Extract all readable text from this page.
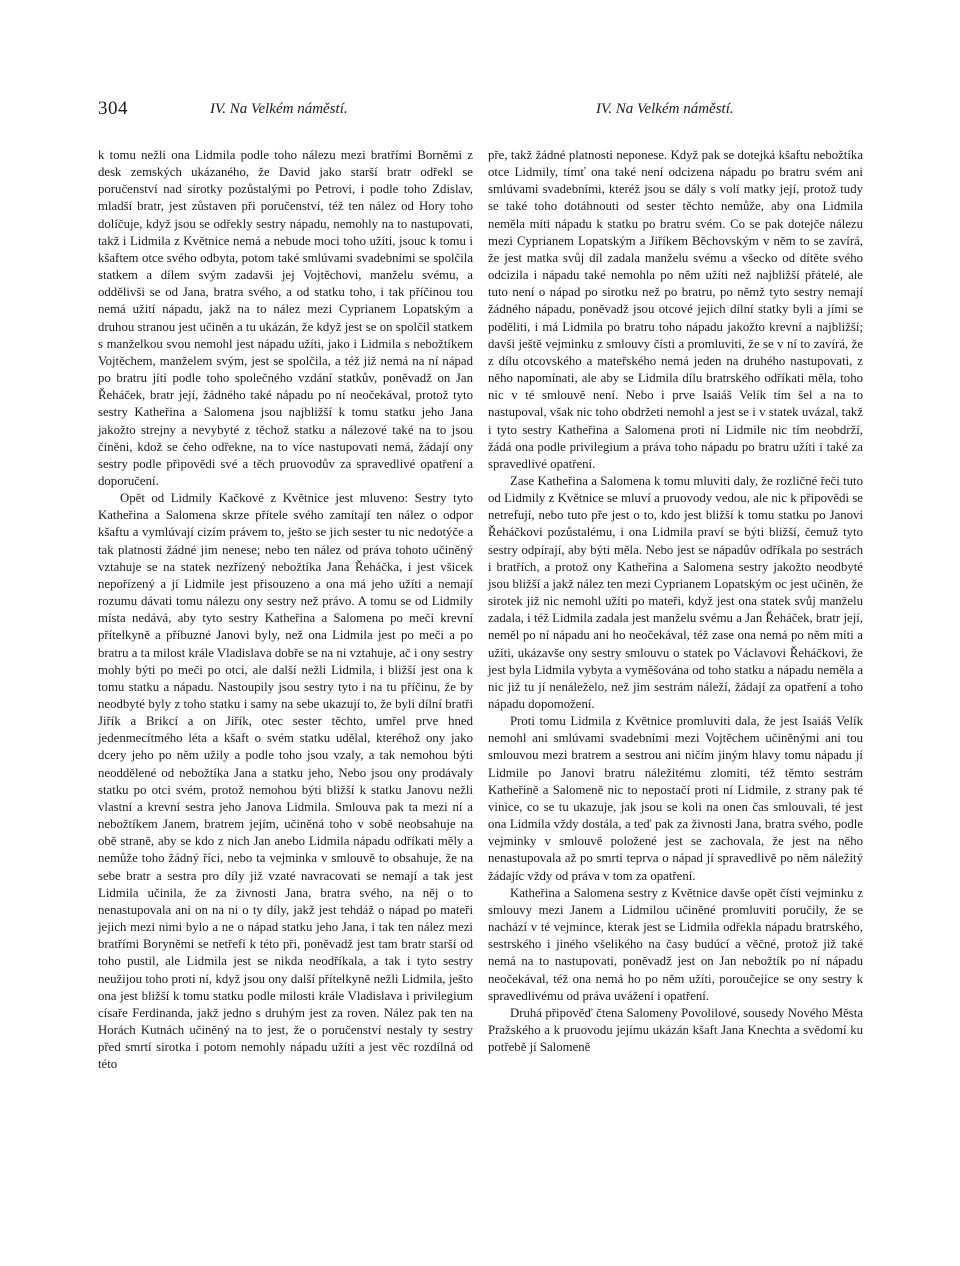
304	IV. Na Velkém náměstí.	IV. Na Velkém náměstí.

k tomu nežli ona Lidmila podle toho nálezu mezi bratřími Borněmi z desk zemských ukázaného, že David jako starší bratr odřekl se poručenství nad sirotky pozůstalými po Petrovi, i podle toho Zdislav, mladší bratr, jest zůstaven při poručenství, též ten nález od Hory toho dolíčuje, když jsou se odřekly sestry nápadu, nemohly na to nastupovati, takž i Lidmila z Květnice nemá a nebude moci toho užíti, jsouc k tomu i kšaftem otce svého odbyta, potom také smlúvami svadebními se spolčila statkem a dílem svým zadavši jej Vojtěchovi, manželu svému, a oddělivši se od Jana, bratra svého, a od statku toho, i tak příčinou tou nemá užití nápadu, jakž na to nález mezi Cyprianem Lopatským a druhou stranou jest učiněn a tu ukázán, že když jest se on spolčil statkem s manželkou svou nemohl jest nápadu užíti, jako i Lidmila s nebožtíkem Vojtěchem, manželem svým, jest se spolčila, a též již nemá na ní nápad po bratru jíti podle toho společného vzdání statkův, poněvadž on Jan Řeháček, bratr její, žádného také nápadu po ní neočekával, protož tyto sestry Katheřina a Salomena jsou najbližší k tomu statku jeho Jana jakožto strejny a nevybyté z těchož statku a nálezové také na to jsou činěni, kdož se čeho odřekne, na to více nastupovati nemá, žádají ony sestry podle připovědi své a těch pruovodův za spravedlivé opatření a doporučení.

Opět od Lidmily Kačkové z Květnice jest mluveno: Sestry tyto Katheřina a Salomena skrze přítele svého zamítají ten nález o odpor kšaftu a vymlúvají cizím právem to, ješto se jich sester tu nic nedotýče a tak platnosti žádné jim nenese; nebo ten nález od práva tohoto učiněný vztahuje se na statek nezřízený nebožtíka Jana Řeháčka, i jest všicek nepořízený a jí Lidmile jest přisouzeno a ona má jeho užíti a nemají rozumu dávati tomu nálezu ony sestry než právo. A tomu se od Lidmily místa nedává, aby tyto sestry Katheřina a Salomena po meči krevní přítelkyně a příbuzné Janovi byly, než ona Lidmila jest po meči a po bratru a ta milost krále Vladislava dobře se na ni vztahuje, ač i ony sestry mohly býti po meči po otci, ale další nežli Lidmila, i bližší jest ona k tomu statku a nápadu. Nastoupily jsou sestry tyto i na tu příčinu, že by neodbyté byly z toho statku i samy na sebe ukazují to, že byli dílní bratři Jiřík a Brikcí a on Jiřík, otec sester těchto, umřel prve hned jedenmecítmého léta a kšaft o svém statku udělal, kteréhož ony jako dcery jeho po něm užily a podle toho jsou vzaly, a tak nemohou býti neoddělené od nebožtíka Jana a statku jeho, Nebo jsou ony prodávaly statku po otci svém, protož nemohou býti bližší k statku Janovu nežli vlastní a krevní sestra jeho Janova Lidmila. Smlouva pak ta mezi ní a nebožtíkem Janem, bratrem jejím, učiněná toho v sobě neobsahuje na obě straně, aby se kdo z nich Jan anebo Lidmila nápadu odříkati měly a nemůže toho žádný říci, nebo ta vejminka v smlouvě to obsahuje, že na sebe bratr a sestra pro díly již vzaté navracovati se nemají a tak jest Lidmila učinila, že za živnosti Jana, bratra svého, na něj o to nenastupovala ani on na ni o ty díly, jakž jest tehdáž o nápad po mateři jejich mezi nimi bylo a ne o nápad statku jeho Jana, i tak ten nález mezi bratřími Boryněmi se netřefí k této při, poněvadž jest tam bratr starší od toho pustil, ale Lidmila jest se nikda neodříkala, a tak i tyto sestry neužijou toho proti ní, když jsou ony další přítelkyně nežli Lidmila, ješto ona jest bližší k tomu statku podle milosti krále Vladislava i privilegium císaře Ferdinanda, jakž jedno s druhým jest za roven. Nález pak ten na Horách Kutnách učiněný na to jest, že o poručenství nestaly ty sestry před smrtí sirotka i potom nemohly nápadu užíti a jest věc rozdílná od této

pře, takž žádné platnosti neponese. Když pak se dotejká kšaftu nebožtíka otce Lidmily, tímť ona také není odcizena nápadu po bratru svém ani smlúvami svadebními, kteréž jsou se dály s volí matky její, protož tudy se také toho dotáhnouti od sester těchto nemůže, aby ona Lidmila neměla míti nápadu k statku po bratru svém. Co se pak dotejče nálezu mezi Cyprianem Lopatským a Jiříkem Běchovským v něm to se zavírá, že jest matka svůj díl zadala manželu svému a všecko od dítěte svého odcizila i nápadu také nemohla po něm užíti než najbližší přátelé, ale tuto není o nápad po sirotku než po bratru, po němž tyto sestry nemají žádného nápadu, poněvadž jsou otcové jejich dílní statky byli a jími se poděliti, i má Lidmila po bratru toho nápadu jakožto krevní a najbližší; davši ještě vejminku z smlouvy čísti a promluviti, že se v ní to zavírá, že z dílu otcovského a mateřského nemá jeden na druhého nastupovati, z něho napomínati, ale aby se Lidmila dílu bratrského odříkati měla, toho nic v té smlouvě není. Nebo i prve Isaiáš Velík tím šel a na to nastupoval, však nic toho obdržeti nemohl a jest se i v statek uvázal, takž i tyto sestry Katheřina a Salomena proti ní Lidmile nic tím neobdrží, žádá ona podle privilegium a práva toho nápadu po bratru užíti i také za spravedlivé opatření.

Zase Katheřina a Salomena k tomu mluviti daly, že rozličné řeči tuto od Lidmily z Květnice se mluví a pruovody vedou, ale nic k připovědi se netrefují, nebo tuto pře jest o to, kdo jest bližší k tomu statku po Janovi Řeháčkovi pozůstalému, i ona Lidmila praví se býti bližší, čemuž tyto sestry odpírají, aby býti měla. Nebo jest se nápadův odříkala po sestrách i bratřích, a protož ony Katheřina a Salomena sestry jakožto neodbyté jsou bližší a jakž nález ten mezi Cyprianem Lopatským oc jest učiněn, že sirotek již nic nemohl užíti po mateři, když jest ona statek svůj manželu zadala, i též Lidmila zadala jest manželu svému a Jan Řeháček, bratr její, neměl po ní nápadu ani ho neočekával, též zase ona nemá po něm míti a užíti, ukázavše ony sestry smlouvu o statek po Václavovi Řeháčkovi, že jest byla Lidmila vybyta a vyměšována od toho statku a nápadu neměla a nic již tu jí nenáleželo, než jim sestrám náleží, žádají za opatření a toho nápadu dopomožení.

Proti tomu Lidmila z Květnice promluviti dala, že jest Isaiáš Velík nemohl ani smlúvami svadebními mezi Vojtěchem učiněnými ani tou smlouvou mezi bratrem a sestrou ani ničím jiným hlavy tomu nápadu jí Lidmile po Janovi bratru náležitému zlomiti, též těmto sestrám Katheřině a Salomeně nic to nepostačí proti ní Lidmile, z strany pak té vinice, co se tu ukazuje, jak jsou se koli na onen čas smlouvali, té jest ona Lidmila vždy dostála, a teď pak za živnosti Jana, bratra svého, podle vejminky v smlouvě položené jest se zachovala, že jest na něho nenastupovala až po smrti teprva o nápad jí spravedlivě po něm náležitý žádajíc vždy od práva v tom za opatření.

Katheřina a Salomena sestry z Květnice davše opět čísti vejminku z smlouvy mezi Janem a Lidmilou učiněné promluviti poručily, že se nachází v té vejmince, kterak jest se Lidmila odřekla nápadu bratrského, sestrského i jiného všelikého na časy budúcí a věčné, protož již také nemá na to nastupovati, poněvadž jest on Jan nebožtík po ní nápadu neočekával, též ona nemá ho po něm užíti, poroučejíce se ony sestry k spravedlivému od práva uvážení i opatření.

Druhá připověď čtena Salomeny Povolilové, sousedy Nového Města Pražského a k pruovodu jejímu ukázán kšaft Jana Knechta a svědomí ku potřebě jí Salomeně
